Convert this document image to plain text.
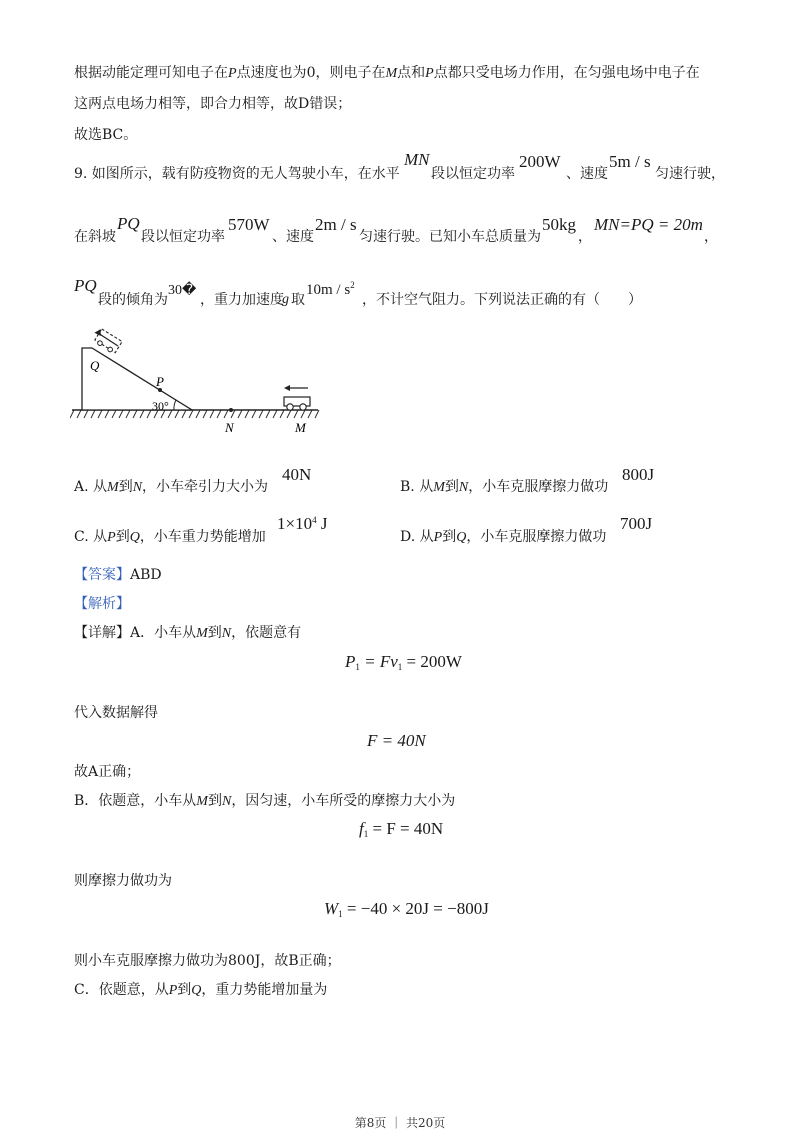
根据动能定理可知电子在P点速度也为0，则电子在M点和P点都只受电场力作用，在匀强电场中电子在
这两点电场力相等，即合力相等，故D错误；
故选BC。
9. 如图所示，载有防疫物资的无人驾驶小车，在水平
MN
段以恒定功率
200W
、速度
5m / s
匀速行驶，
在斜坡
PQ
段以恒定功率
570W
、速度
2m / s
匀速行驶。已知小车总质量为
50kg
，
MN=PQ = 20m
，
PQ
段的倾角为
30�
，重力加速度
g 取
$10m / s^2$
，不计空气阻力。下列说法正确的有（　　）
Q
P
30°
N	M
A. 从M到N，小车牵引力大小为
40N
B. 从M到N，小车克服摩擦力做功
800J
C. 从P到Q，小车重力势能增加
$1\times 10^4$ J
D. 从P到Q，小车克服摩擦力做功
700J
【答案】ABD
【解析】
【详解】A．小车从M到N，依题意有
$P_1 = Fv_1 = 200W$
代入数据解得
F = 40N
故A正确；
B．依题意，小车从M到N，因匀速，小车所受的摩擦力大小为
$f_1 = F = 40N$
则摩擦力做功为
$W_1 = -40 \times 20J = -800J$
则小车克服摩擦力做功为800J，故B正确；
C．依题意，从P到Q，重力势能增加量为
第8页 ｜ 共20页
